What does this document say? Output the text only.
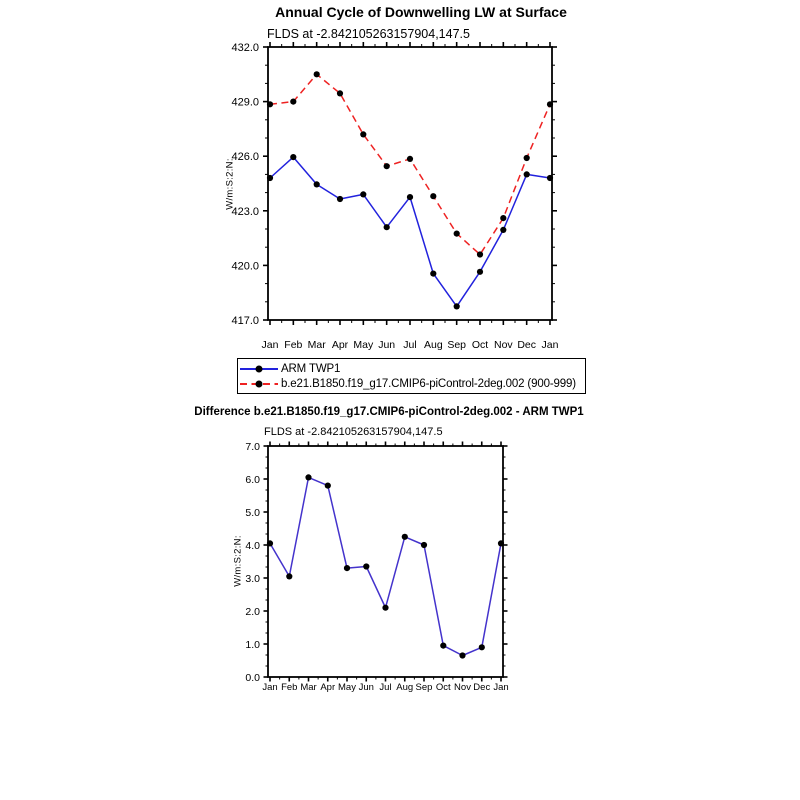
417.0
420.0
423.0
426.0
429.0
432.0
Jan Feb Mar Apr May Jun Jul Aug Sep Oct Nov Dec Jan
0.0
1.0
2.0
3.0
4.0
5.0
6.0
7.0
Jan Feb Mar Apr May Jun Jul Aug Sep Oct Nov Dec Jan
Annual Cycle of Downwelling LW at Surface
FLDS at -2.842105263157904,147.5
W/m:S:2:N:
ARM TWP1
b.e21.B1850.f19_g17.CMIP6-piControl-2deg.002 (900-999)
Difference b.e21.B1850.f19_g17.CMIP6-piControl-2deg.002 - ARM TWP1
FLDS at -2.842105263157904,147.5
W/m:S:2:N:
